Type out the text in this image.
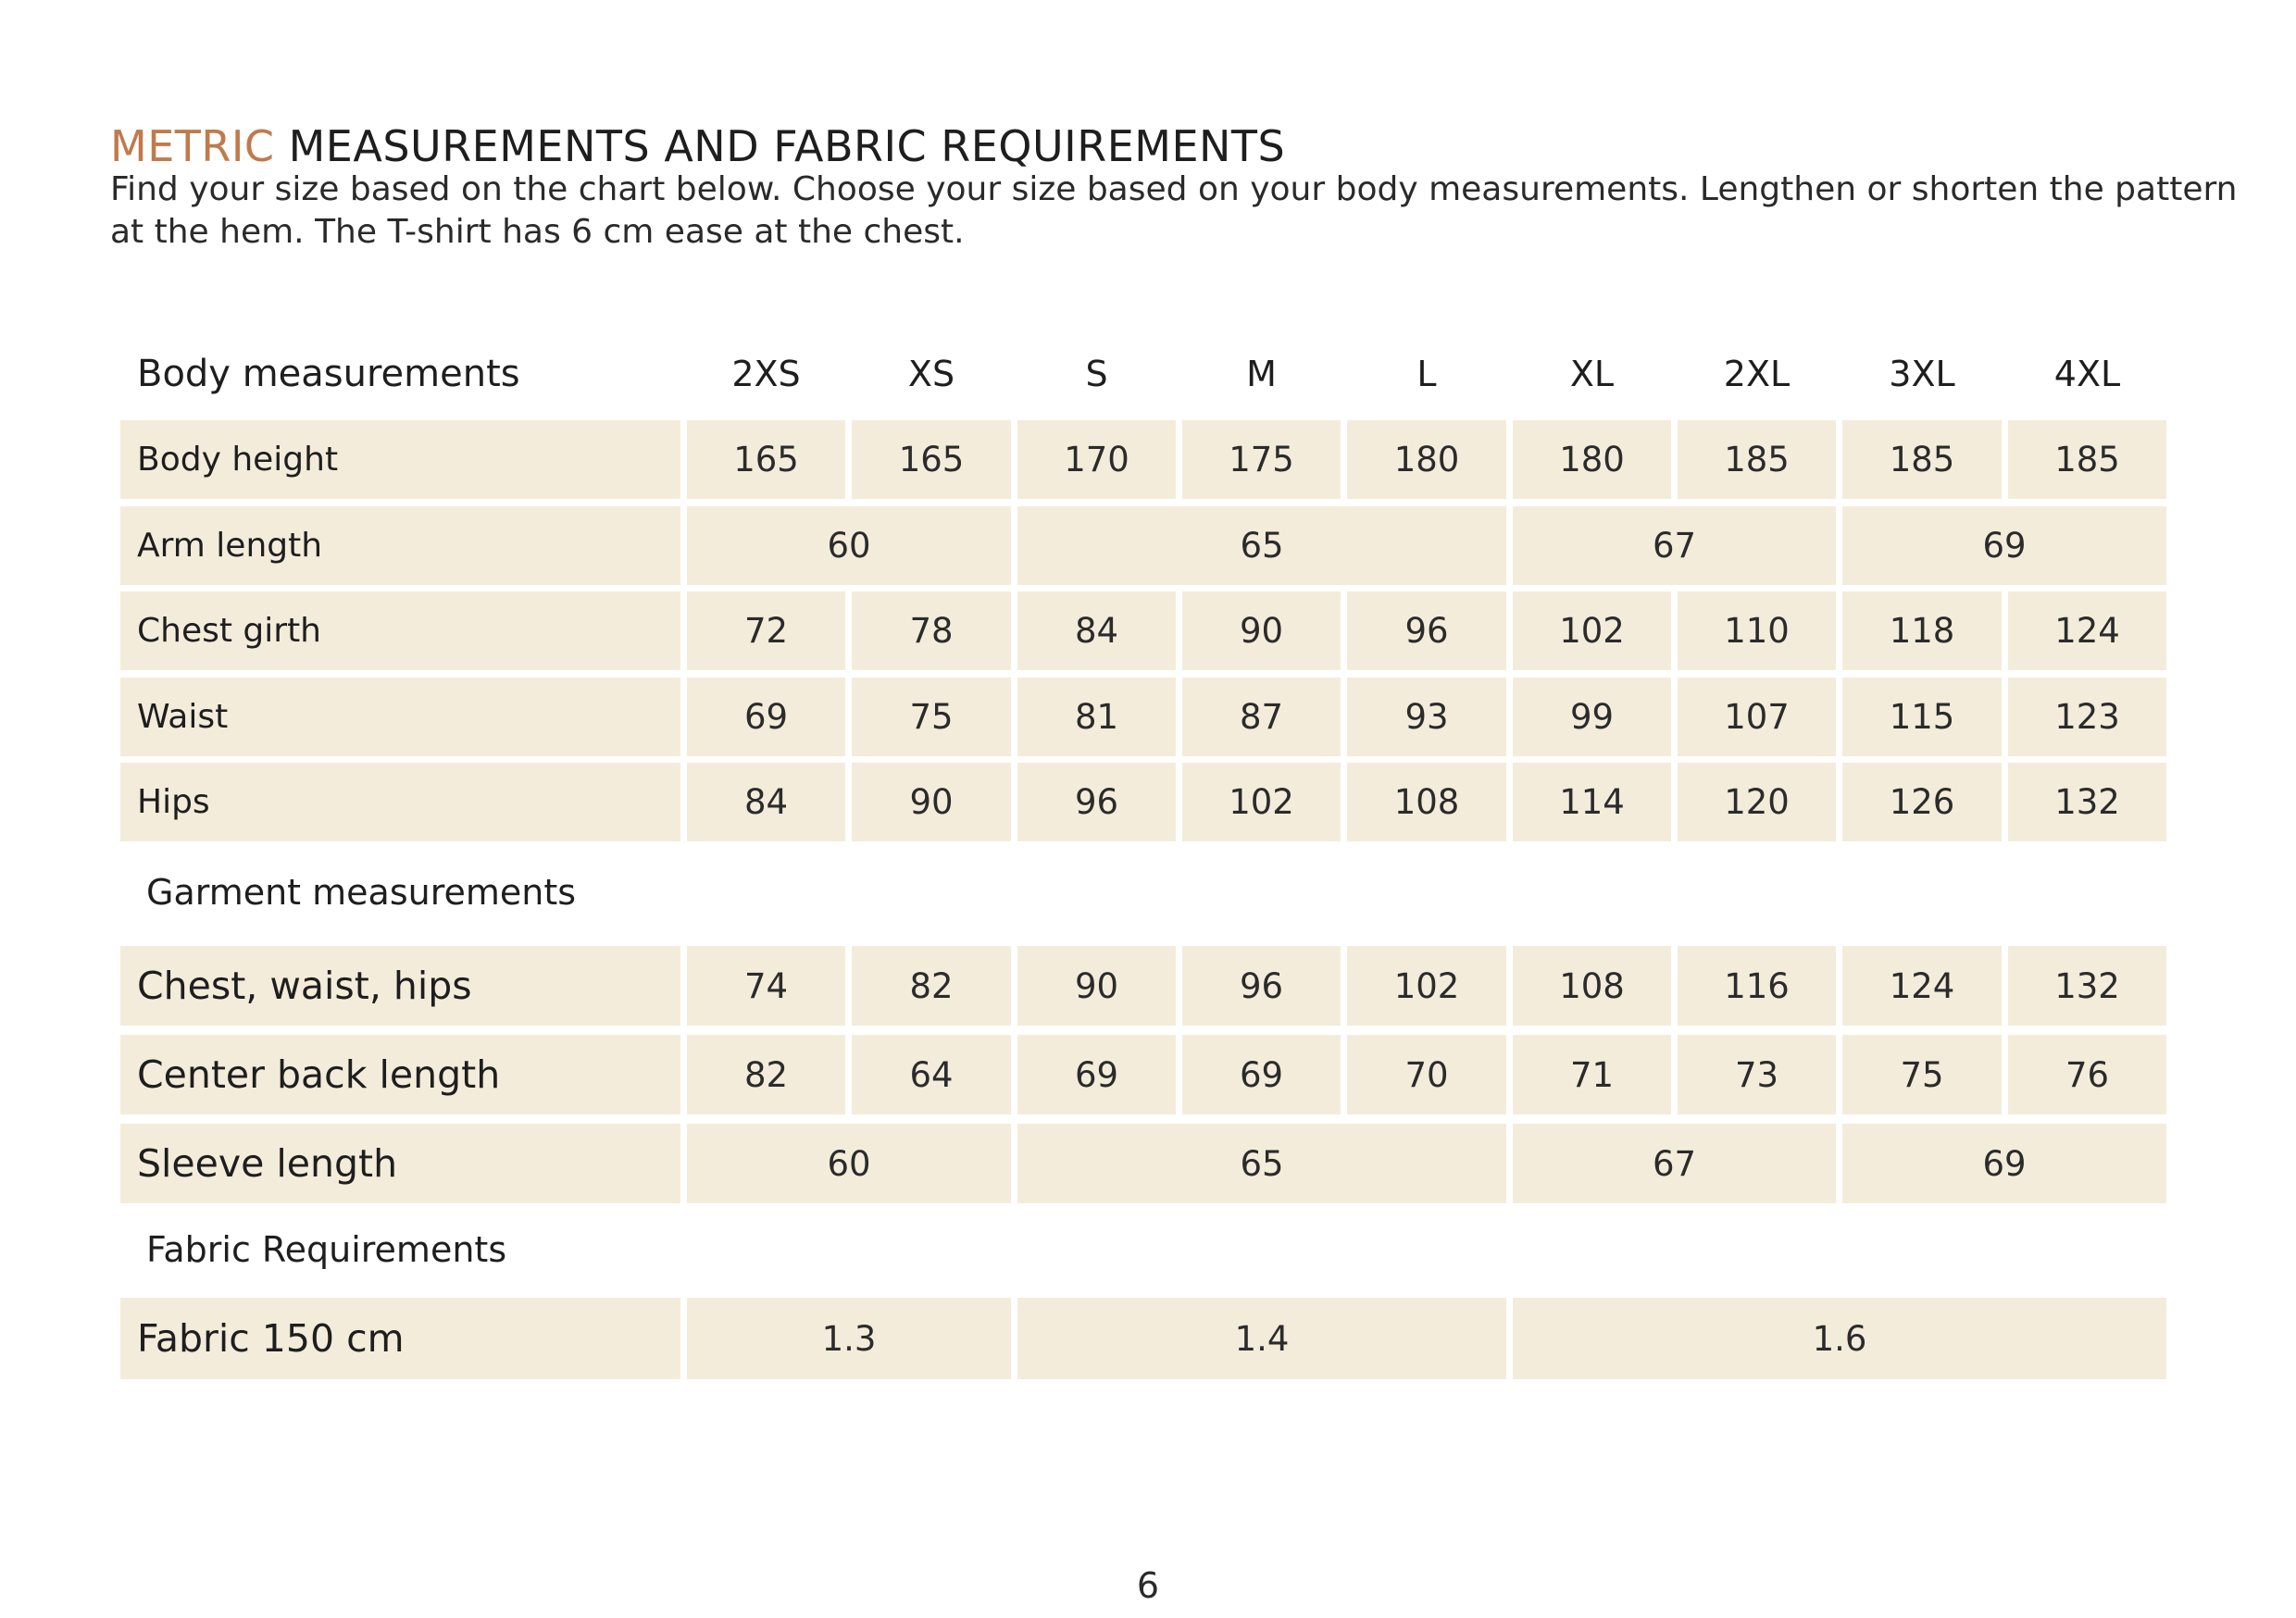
METRIC MEASUREMENTS AND FABRIC REQUIREMENTS
Find your size based on the chart below. Choose your size based on your body measurements. Lengthen or shorten the pattern at the hem. The T-shirt has 6 cm ease at the chest.
Body measurements
Garment measurements
Fabric Requirements
2XS	XS	S	M	L	XL	2XL	3XL	4XL
Body height	165	165	170	175	180	180	185	185	185
Arm length	60	65	67	69
Chest girth	72	78	84	90	96	102	110	118	124
Waist	69	75	81	87	93	99	107	115	123
Hips	84	90	96	102	108	114	120	126	132
Chest, waist, hips	74	82	90	96	102	108	116	124	132
Center back length	82	64	69	69	70	71	73	75	76
Sleeve length	60	65	67	69
Fabric 150 cm	1.3	1.4	1.6
6
